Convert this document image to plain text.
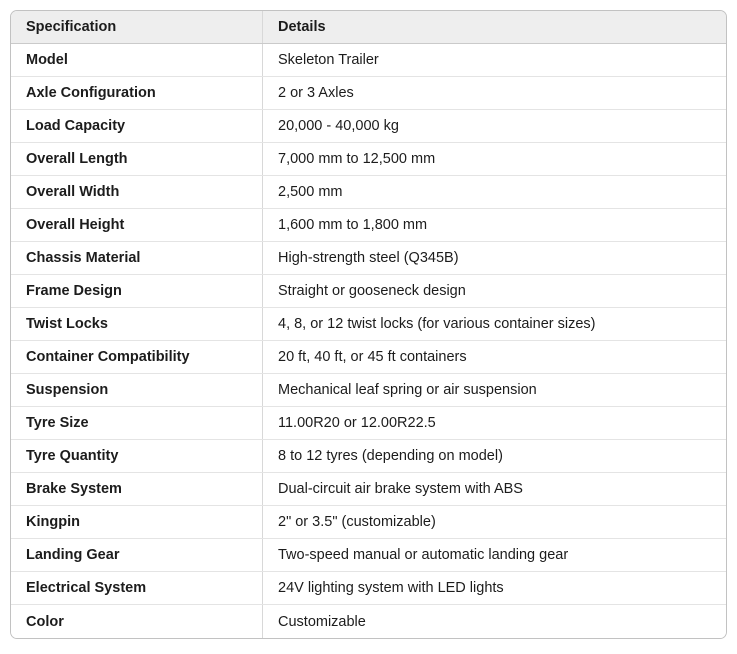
Specification	Details
Model	Skeleton Trailer
Axle Configuration	2 or 3 Axles
Load Capacity	20,000 - 40,000 kg
Overall Length	7,000 mm to 12,500 mm
Overall Width	2,500 mm
Overall Height	1,600 mm to 1,800 mm
Chassis Material	High-strength steel (Q345B)
Frame Design	Straight or gooseneck design
Twist Locks	4, 8, or 12 twist locks (for various container sizes)
Container Compatibility	20 ft, 40 ft, or 45 ft containers
Suspension	Mechanical leaf spring or air suspension
Tyre Size	11.00R20 or 12.00R22.5
Tyre Quantity	8 to 12 tyres (depending on model)
Brake System	Dual-circuit air brake system with ABS
Kingpin	2" or 3.5" (customizable)
Landing Gear	Two-speed manual or automatic landing gear
Electrical System	24V lighting system with LED lights
Color	Customizable
